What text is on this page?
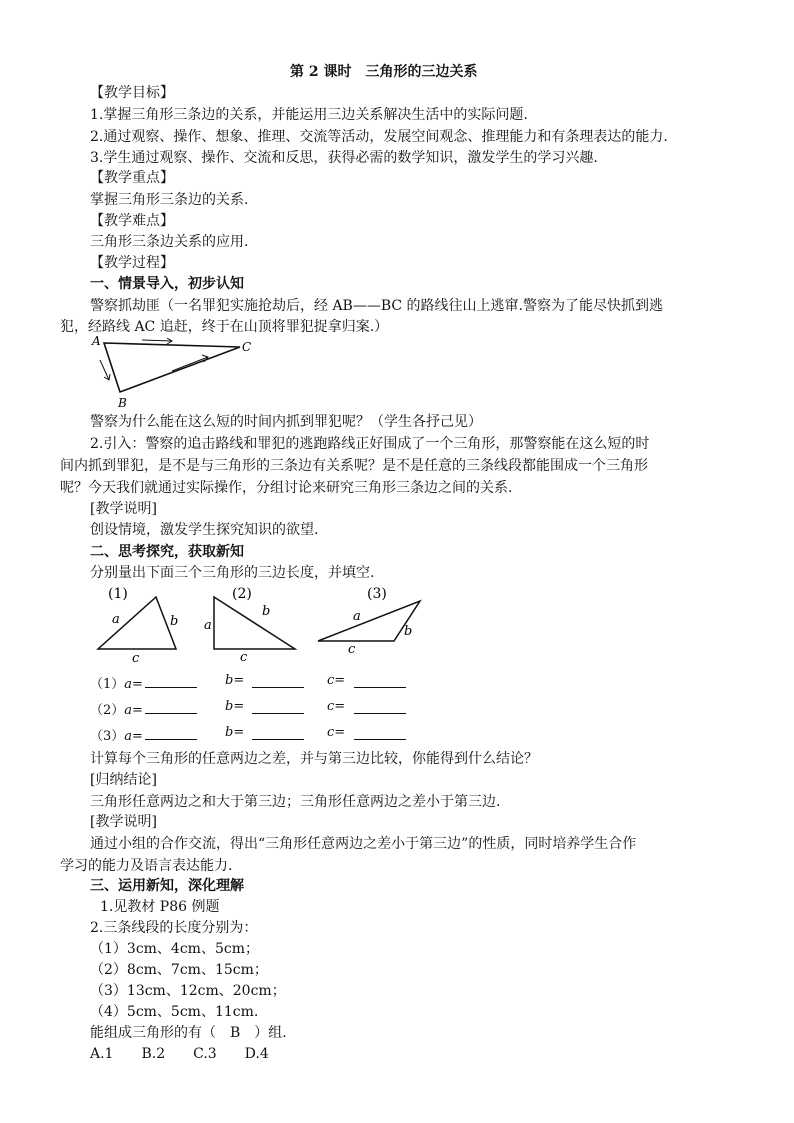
第 2 课时　三角形的三边关系
【教学目标】
1.掌握三角形三条边的关系，并能运用三边关系解决生活中的实际问题.
2.通过观察、操作、想象、推理、交流等活动，发展空间观念、推理能力和有条理表达的能力.
3.学生通过观察、操作、交流和反思，获得必需的数学知识，激发学生的学习兴趣.
【教学重点】
掌握三角形三条边的关系.
【教学难点】
三角形三条边关系的应用.
【教学过程】
一、情景导入，初步认知
警察抓劫匪（一名罪犯实施抢劫后，经 AB——BC 的路线往山上逃窜.警察为了能尽快抓到逃
犯，经路线 AC 追赶，终于在山顶将罪犯捉拿归案.）
A	C
B
警察为什么能在这么短的时间内抓到罪犯呢？（学生各抒己见）
2.引入：警察的追击路线和罪犯的逃跑路线正好围成了一个三角形，那警察能在这么短的时
间内抓到罪犯，是不是与三角形的三条边有关系呢？是不是任意的三条线段都能围成一个三角形
呢？今天我们就通过实际操作，分组讨论来研究三角形三条边之间的关系.
[教学说明]
创设情境，激发学生探究知识的欲望.
二、思考探究，获取新知
分别量出下面三个三角形的三边长度，并填空.
(1)
a	b
c
(2)
a
b
c
(3)
a
b
c
（1）a=	b=	c=
（2）a=	b=	c=
（3）a=	b=	c=
计算每个三角形的任意两边之差，并与第三边比较，你能得到什么结论？
[归纳结论]
三角形任意两边之和大于第三边；三角形任意两边之差小于第三边.
[教学说明]
通过小组的合作交流，得出“三角形任意两边之差小于第三边”的性质，同时培养学生合作
学习的能力及语言表达能力.
三、运用新知，深化理解
1.见教材 P86 例题
2.三条线段的长度分别为：
（1）3cm、4cm、5cm；
（2）8cm、7cm、15cm；
（3）13cm、12cm、20cm；
（4）5cm、5cm、11cm.
能组成三角形的有（　B　）组.
A.1　　B.2　　C.3　　D.4
